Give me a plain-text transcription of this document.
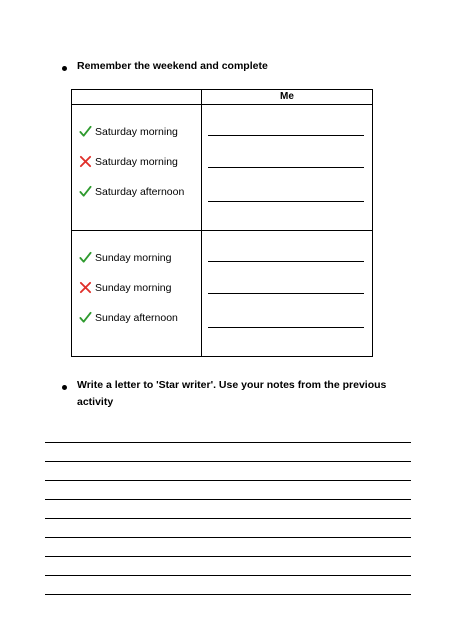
Remember the weekend and complete
	Me

Saturday morning
Saturday morning
Saturday afternoon	

Sunday morning
Sunday morning
Sunday afternoon	

Write a letter to 'Star writer'. Use your notes from the previous activity
